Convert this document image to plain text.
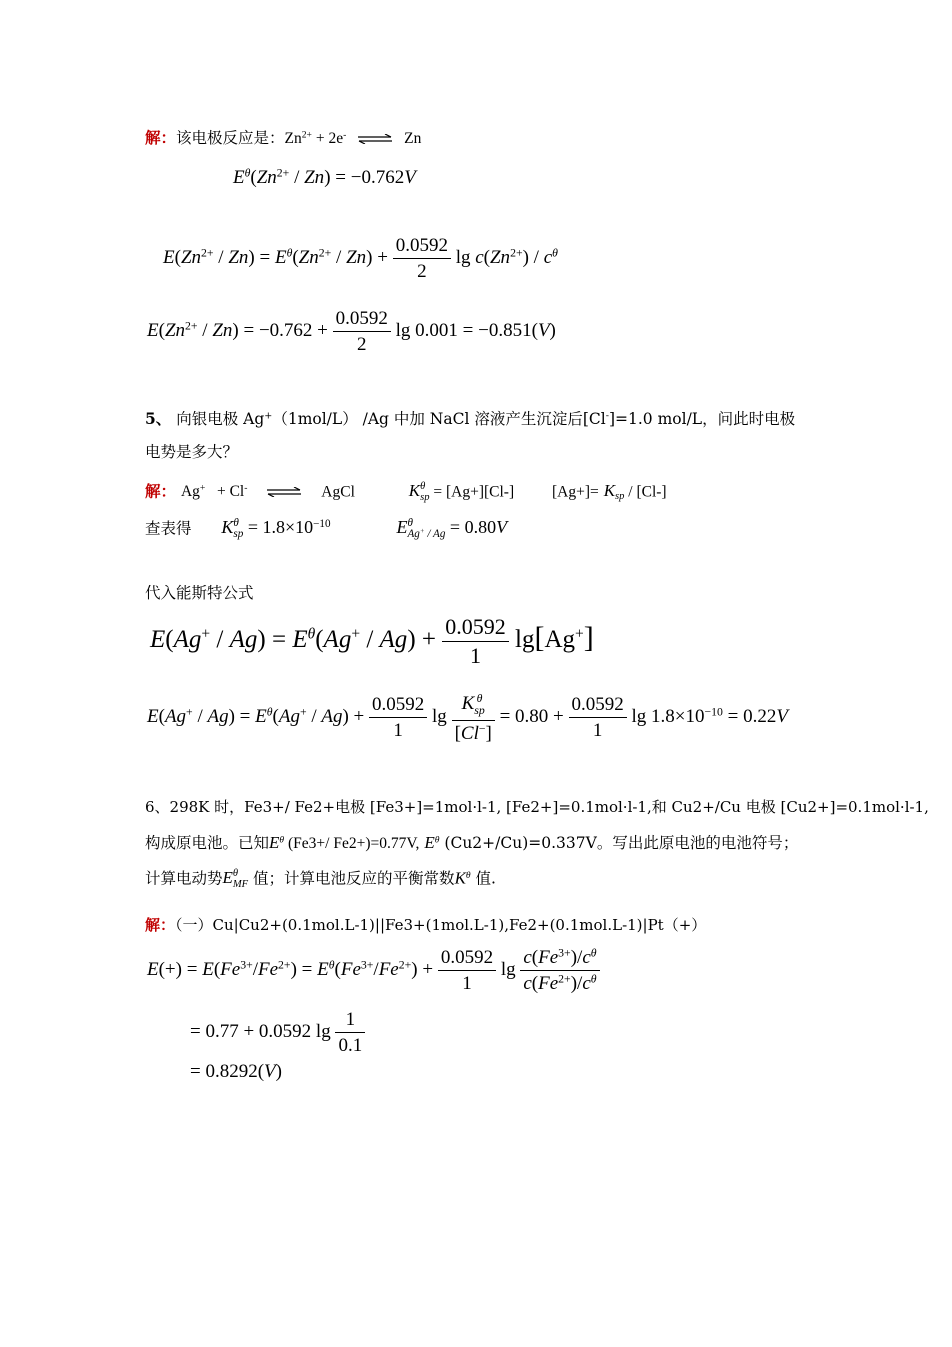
解：该电极反应是：$Zn^{2+} + 2e^-$ ⇌ Zn
$E^\theta(Zn^{2+} / Zn) = -0.762V$
$E(Zn^{2+} / Zn) = E^\theta(Zn^{2+} / Zn) + \frac{0.0592}{2}$ $\lg c(Zn^{2+}) / c^\theta$
$E(Zn^{2+} / Zn) = -0.762 + \frac{0.0592}{2}$ lg 0.001 = −0.851(V)
5、 向银电极 Ag+（1mol/L） /Ag 中加 NaCl 溶液产生沉淀后[Cl-]=1.0 mol/L，问此时电极
电势是多大？
解： Ag+   + Cl- ⇌ AgCl	K θ
sp = [Ag+][Cl-] $[Ag+]= K_{sp} / [Cl-]$
查表得 K θ
sp = $1.8\times 10^{-10}$	E θ
Ag+ / Ag = 0.80V
代入能斯特公式
$E(Ag^+ / Ag) = E^\theta(Ag^+ / Ag) + \frac{0.0592}{1} \lg[Ag^+]$
$E(Ag^+ / Ag) = E^\theta(Ag^+ / Ag) + \frac{0.0592}{1}$ lg K θ
sp
$[Cl^-] = 0.80 + \frac{0.0592}{1}$ $\lg 1.8\times 10^{-10} = 0.22V$
6、298K 时，Fe3+/ Fe2+电极 [Fe3+]=1mol·l-1, [Fe2+]=0.1mol·l-1,和 Cu2+/Cu 电极 [Cu2+]=0.1mol·l-1,
构成原电池。已知$E^\theta$ (Fe3+/ Fe2+)=0.77V, $E^\theta$ (Cu2+/Cu)=0.337V。写出此原电池的电池符号；
计算电动势E θ
MF 值；计算电池反应的平衡常数$K^\theta$ 值.
解：（一）Cu|Cu2+(0.1mol.L-1)||Fe3+(1mol.L-1),Fe2+(0.1mol.L-1)|Pt（+）
$E(+) = E(Fe^{3+}/Fe^{2+}) = E^\theta(Fe^{3+}/Fe^{2+}) + \frac{0.0592}{1}$ $\lg \frac{c(Fe^{3+})/c^\theta}{c(Fe^{2+})/c^\theta}$
= 0.77 + 0.0592 $\lg \frac{1}{0.1}$
= 0.8292(V)
